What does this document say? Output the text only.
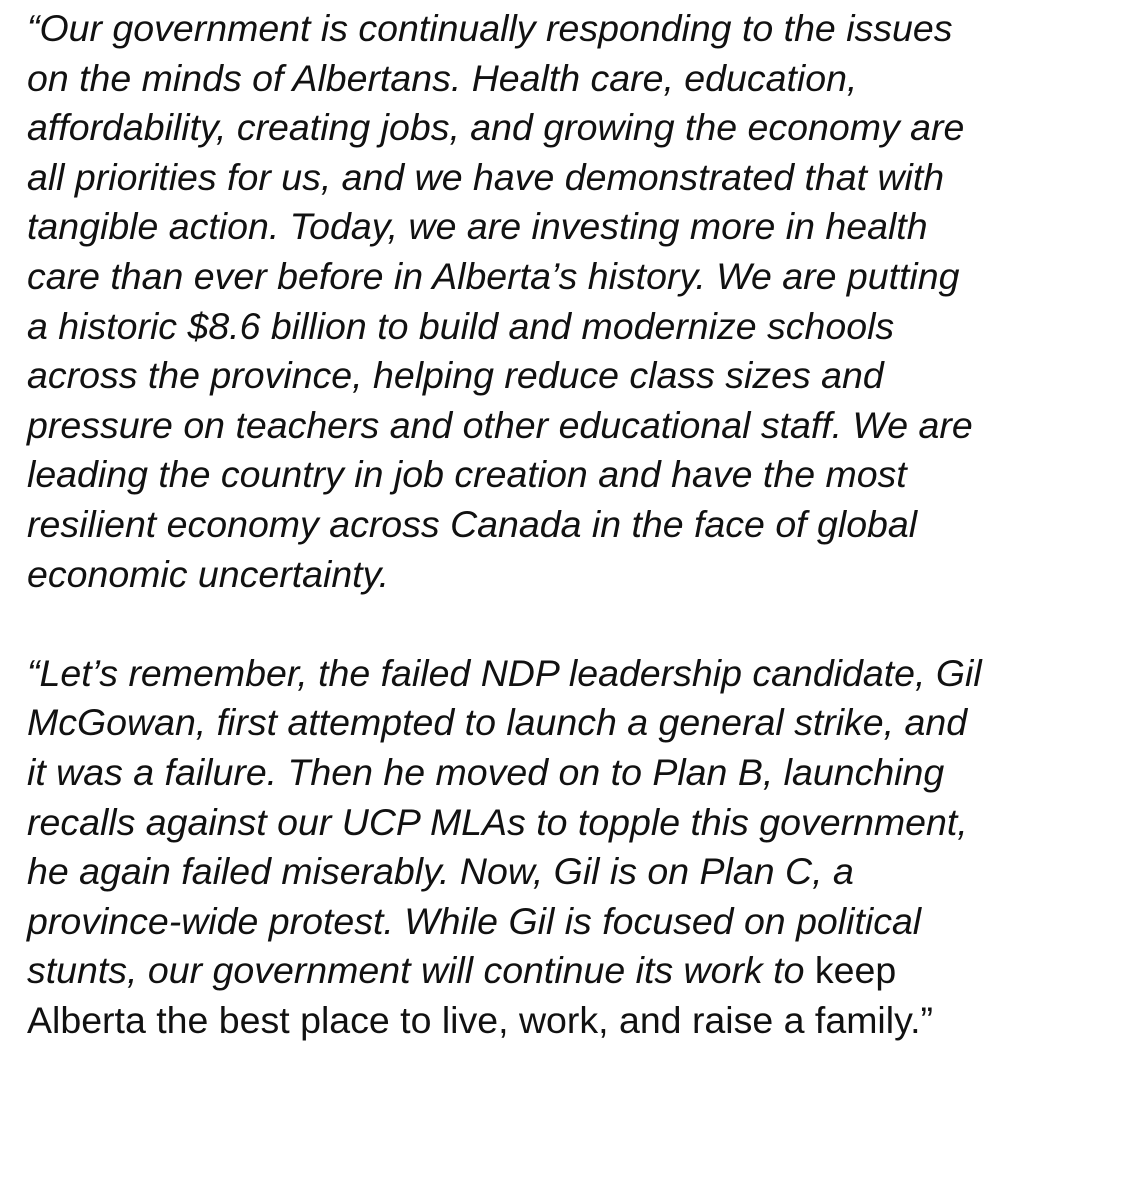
“Our government is continually responding to the issues
on the minds of Albertans. Health care, education,
affordability, creating jobs, and growing the economy are
all priorities for us, and we have demonstrated that with
tangible action. Today, we are investing more in health
care than ever before in Alberta’s history. We are putting
a historic $8.6 billion to build and modernize schools
across the province, helping reduce class sizes and
pressure on teachers and other educational staff. We are
leading the country in job creation and have the most
resilient economy across Canada in the face of global
economic uncertainty.
“Let’s remember, the failed NDP leadership candidate, Gil
McGowan, first attempted to launch a general strike, and
it was a failure. Then he moved on to Plan B, launching
recalls against our UCP MLAs to topple this government,
he again failed miserably. Now, Gil is on Plan C, a
province-wide protest. While Gil is focused on political
stunts, our government will continue its work to keep
Alberta the best place to live, work, and raise a family.”
